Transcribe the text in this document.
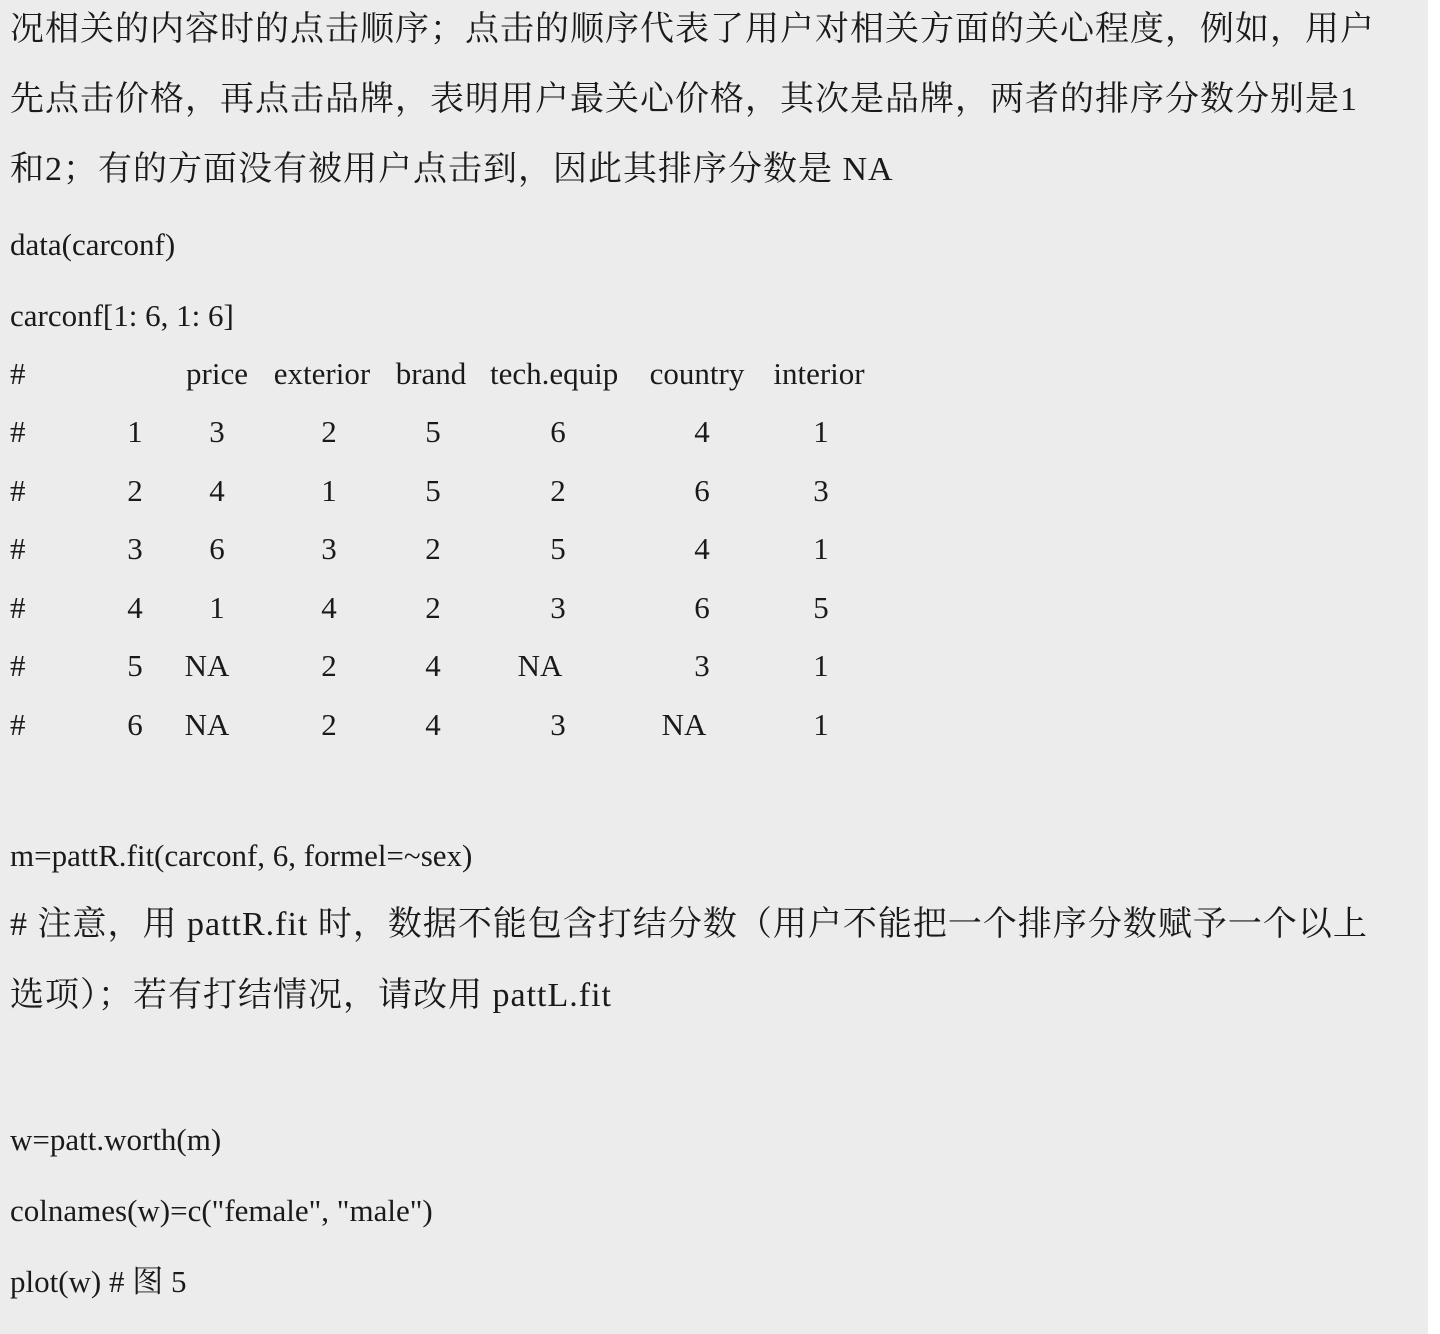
况相关的内容时的点击顺序；点击的顺序代表了用户对相关方面的关心程度，例如，用户
先点击价格，再点击品牌，表明用户最关心价格，其次是品牌，两者的排序分数分别是1
和2；有的方面没有被用户点击到，因此其排序分数是 NA
data(carconf)
carconf[1: 6, 1: 6]
#	price exterior brand tech.equip	country interior
#	1	3	2	5	6	4	1
#	2	4	1	5	2	6	3
#	3	6	3	2	5	4	1
#	4	1	4	2	3	6	5
#	5	NA	2	4	NA	3	1
#	6	NA	2	4	3	NA	1
m=pattR.fit(carconf, 6, formel=~sex)
# 注意，用 pattR.fit 时，数据不能包含打结分数（用户不能把一个排序分数赋予一个以上
选项）；若有打结情况，请改用 pattL.fit
w=patt.worth(m)
colnames(w)=c("female", "male")
plot(w) # 图 5
